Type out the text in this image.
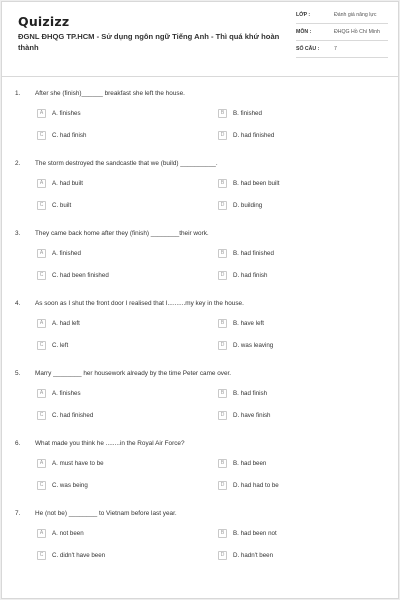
Quizizz
ĐGNL ĐHQG TP.HCM - Sử dụng ngôn ngữ Tiếng Anh - Thì quá khứ hoàn thành
LỚP :	Đánh giá năng lực
MÔN :	ĐHQG Hồ Chí Minh
SỐ CÂU :	7
1. After she (finish)______ breakfast she left the house.
A	A. finishes	B	B. finished
C	C. had finish	D	D. had finished
2. The storm destroyed the sandcastle that we (build) __________.
A	A. had built	B	B. had been built
C	C. built	D	D. building
3. They came back home after they (finish) ________their work.
A	A. finished	B	B. had finished
C	C. had been finished	D	D. had finish
4. As soon as I shut the front door I realised that I..........my key in the house.
A	A. had left	B	B. have left
C	C. left	D	D. was leaving
5. Marry ________ her housework already by the time Peter came over.
A	A. finishes	B	B. had finish
C	C. had finished	D	D. have finish
6. What made you think he ........in the Royal Air Force?
A	A. must have to be	B	B. had been
C	C. was being	D	D. had had to be
7. He (not be) ________ to Vietnam before last year.
A	A. not been	B	B. had been not
C	C. didn't have been	D	D. hadn't been
